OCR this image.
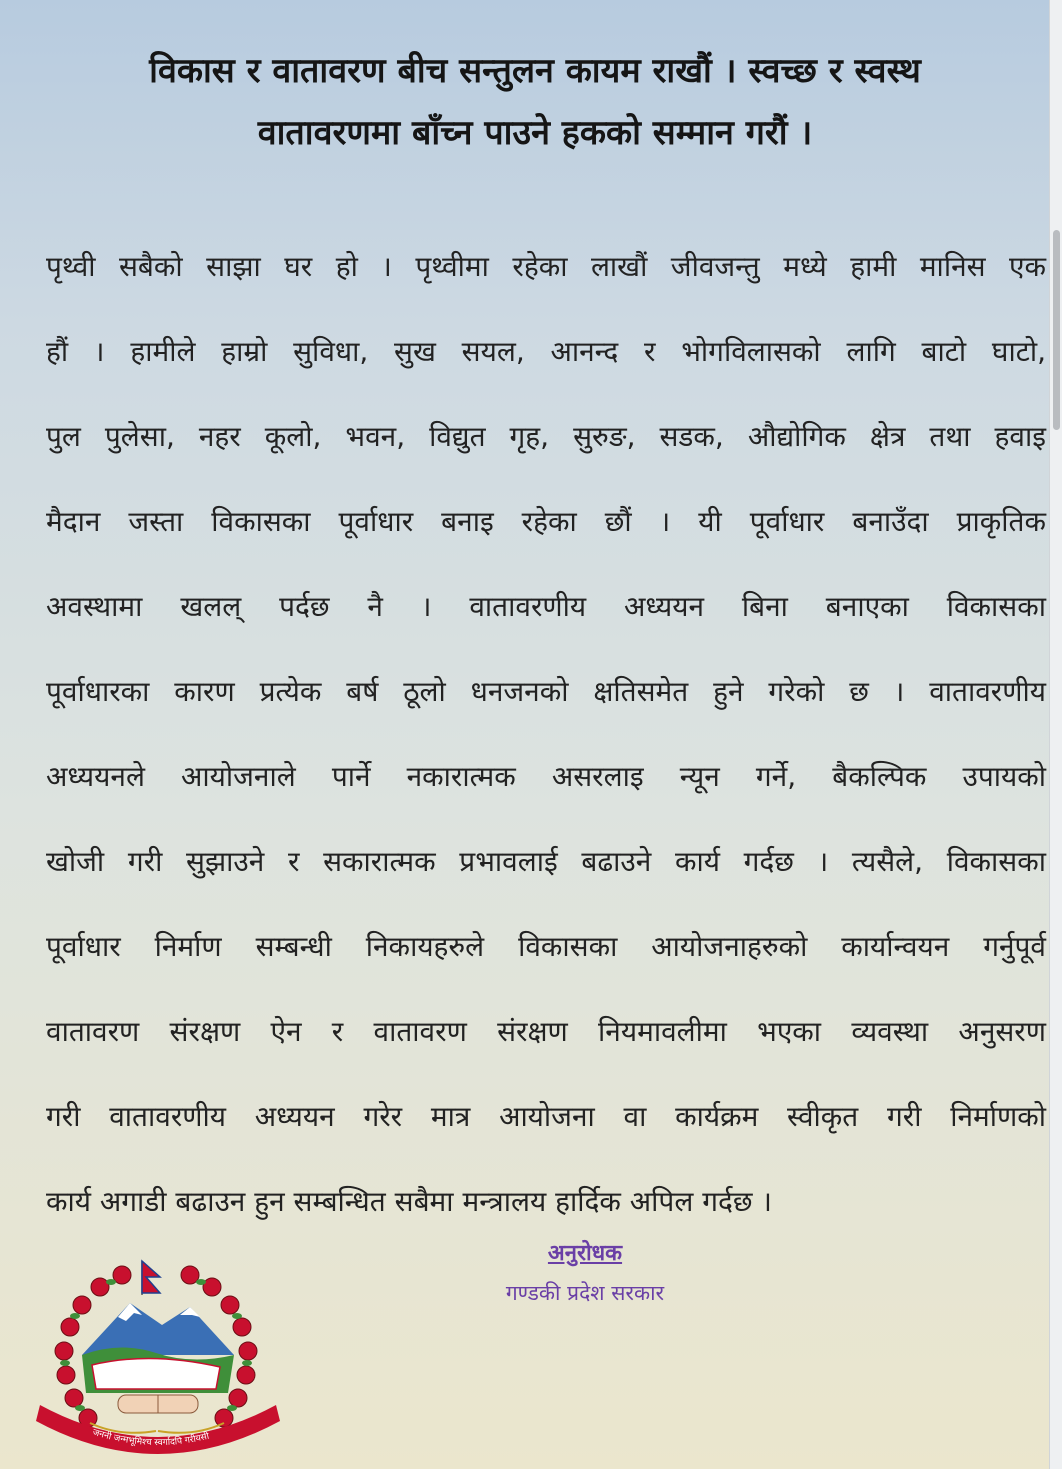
विकास र वातावरण बीच सन्तुलन कायम राखौं । स्वच्छ र स्वस्थ
वातावरणमा बाँच्न पाउने हकको सम्मान गरौं ।
पृथ्वी सबैको साझा घर हो । पृथ्वीमा रहेका लाखौं जीवजन्तु मध्ये हामी मानिस एक
हौं । हामीले हाम्रो सुविधा, सुख सयल, आनन्द र भोगविलासको लागि बाटो घाटो,
पुल पुलेसा, नहर कूलो, भवन, विद्युत गृह, सुरुङ, सडक, औद्योगिक क्षेत्र तथा हवाइ
मैदान जस्ता विकासका पूर्वाधार बनाइ रहेका छौं । यी पूर्वाधार बनाउँदा प्राकृतिक
अवस्थामा खलल् पर्दछ नै । वातावरणीय अध्ययन बिना बनाएका विकासका
पूर्वाधारका कारण प्रत्येक बर्ष ठूलो धनजनको क्षतिसमेत हुने गरेको छ । वातावरणीय
अध्ययनले आयोजनाले पार्ने नकारात्मक असरलाइ न्यून गर्ने, बैकल्पिक उपायको
खोजी गरी सुझाउने र सकारात्मक प्रभावलाई बढाउने कार्य गर्दछ । त्यसैले, विकासका
पूर्वाधार निर्माण सम्बन्धी निकायहरुले विकासका आयोजनाहरुको कार्यान्वयन गर्नुपूर्व
वातावरण संरक्षण ऐन र वातावरण संरक्षण नियमावलीमा भएका व्यवस्था अनुसरण
गरी वातावरणीय अध्ययन गरेर मात्र आयोजना वा कार्यक्रम स्वीकृत गरी निर्माणको
कार्य अगाडी बढाउन हुन सम्बन्धित सबैमा मन्त्रालय हार्दिक अपिल गर्दछ ।
अनुरोधक
गण्डकी प्रदेश सरकार
जननी जन्मभूमिश्च स्वर्गादपि गरीयसी
